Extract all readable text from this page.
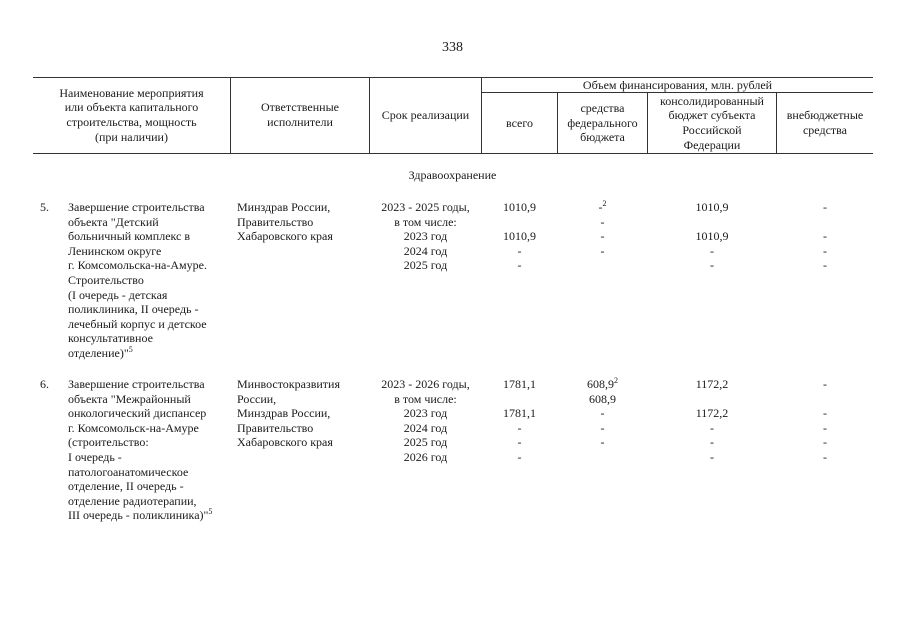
338
Наименование мероприятия
или объекта капитального
строительства, мощность
(при наличии)
Ответственные
исполнители
Срок реализации
Объем финансирования, млн. рублей
всего
средства
федерального
бюджета
консолидированный
бюджет субъекта
Российской
Федерации
внебюджетные
средства
Здравоохранение
5. Завершение строительства
объекта "Детский
больничный комплекс в
Ленинском округе
г. Комсомольска-на-Амуре.
Строительство
(I очередь - детская
поликлиника, II очередь -
лечебный корпус и детское
консультативное
отделение)"$^5$
Минздрав России,
Правительство
Хабаровского края
2023 - 2025 годы,
в том числе:
2023 год
2024 год
2025 год
1010,9

1010,9
-
-
-$^2$
-
-
-
1010,9

1010,9
-
-
-

-
-
-
6. Завершение строительства
объекта "Межрайонный
онкологический диспансер
г. Комсомольск-на-Амуре
(строительство:
I очередь -
патологоанатомическое
отделение, II очередь -
отделение радиотерапии,
III очередь - поликлиника)"$^5$
Минвостокразвития
России,
Минздрав России,
Правительство
Хабаровского края
2023 - 2026 годы,
в том числе:
2023 год
2024 год
2025 год
2026 год
1781,1

1781,1
-
-
-
608,9$^2$
608,9
-
-
-
1172,2

1172,2
-
-
-
-

-
-
-
-
